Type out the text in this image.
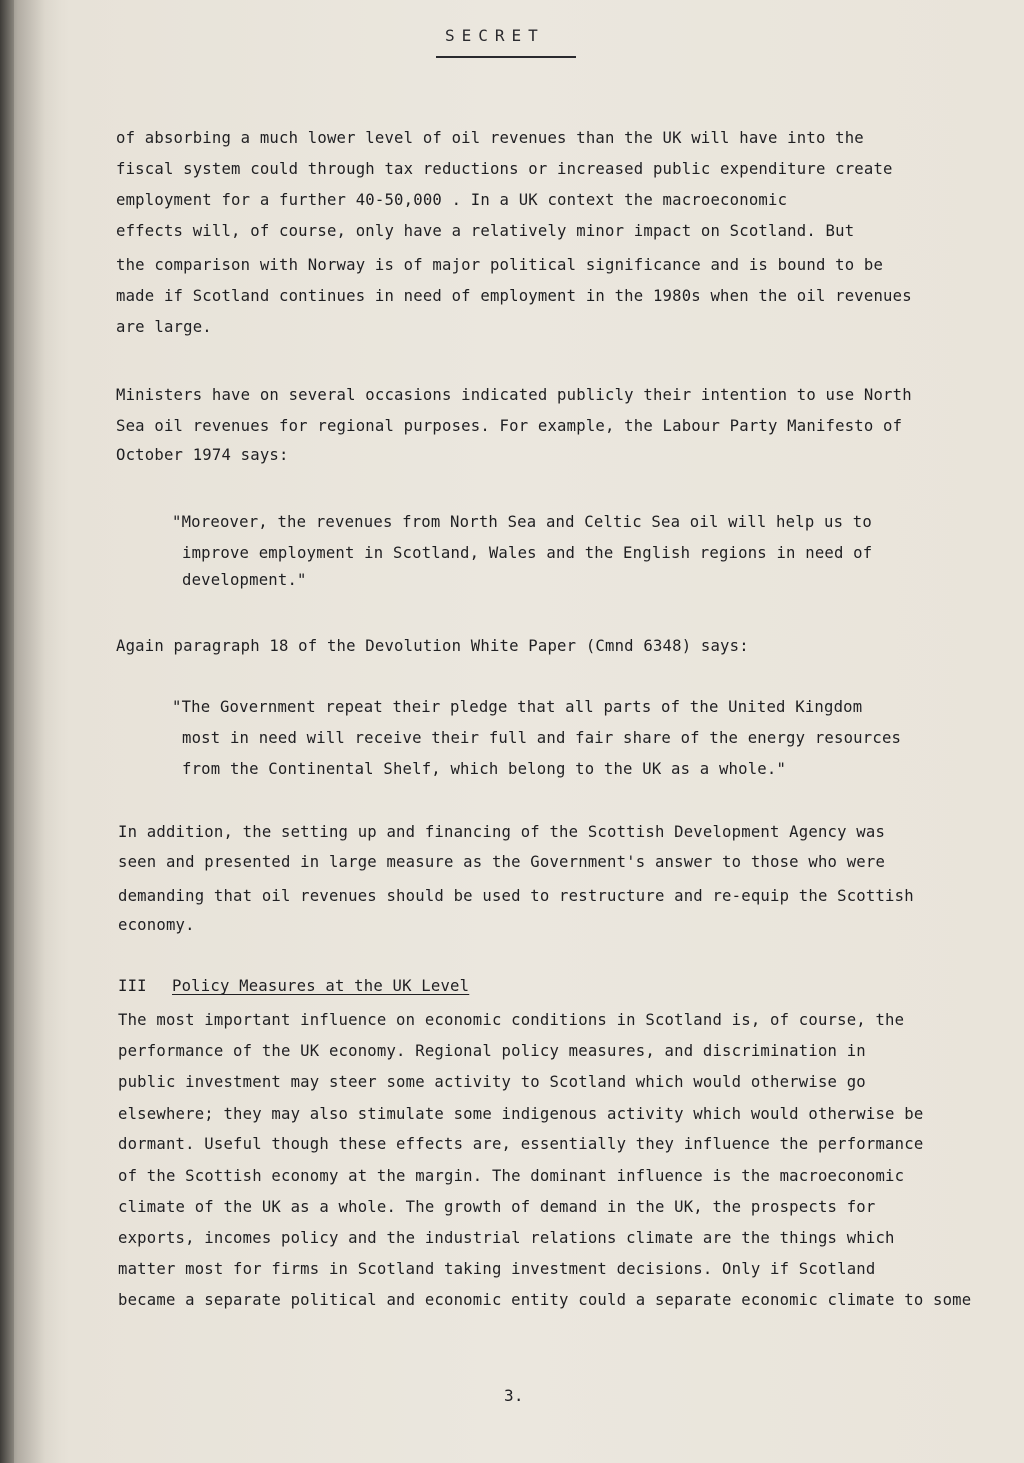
SECRET
of absorbing a much lower level of oil revenues than the UK will have into the
fiscal system could through tax reductions or increased public expenditure create
employment for a further 40-50,000 . In a UK context the macroeconomic
effects will, of course, only have a relatively minor impact on Scotland. But
the comparison with Norway is of major political significance and is bound to be
made if Scotland continues in need of employment in the 1980s when the oil revenues
are large.
Ministers have on several occasions indicated publicly their intention to use North
Sea oil revenues for regional purposes. For example, the Labour Party Manifesto of
October 1974 says:
"Moreover, the revenues from North Sea and Celtic Sea oil will help us to
improve employment in Scotland, Wales and the English regions in need of
development."
Again paragraph 18 of the Devolution White Paper (Cmnd 6348) says:
"The Government repeat their pledge that all parts of the United Kingdom
most in need will receive their full and fair share of the energy resources
from the Continental Shelf, which belong to the UK as a whole."
In addition, the setting up and financing of the Scottish Development Agency was
seen and presented in large measure as the Government's answer to those who were
demanding that oil revenues should be used to restructure and re-equip the Scottish
economy.
III Policy Measures at the UK Level
The most important influence on economic conditions in Scotland is, of course, the
performance of the UK economy. Regional policy measures, and discrimination in
public investment may steer some activity to Scotland which would otherwise go
elsewhere; they may also stimulate some indigenous activity which would otherwise be
dormant. Useful though these effects are, essentially they influence the performance
of the Scottish economy at the margin. The dominant influence is the macroeconomic
climate of the UK as a whole. The growth of demand in the UK, the prospects for
exports, incomes policy and the industrial relations climate are the things which
matter most for firms in Scotland taking investment decisions. Only if Scotland
became a separate political and economic entity could a separate economic climate to some
3.
